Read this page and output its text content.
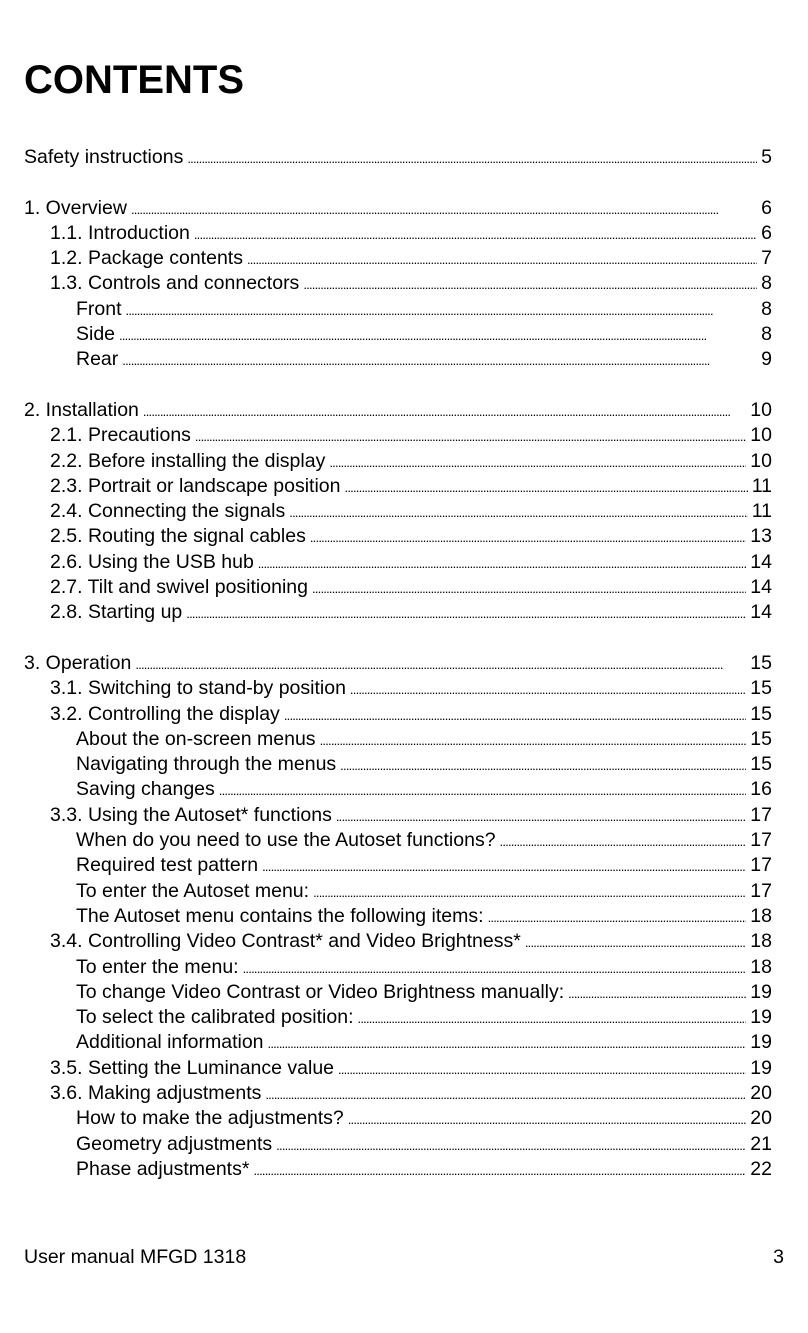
CONTENTS
Safety instructions . . .	5
1. Overview . . .	6
1.1. Introduction . . .	6
1.2. Package contents . . .	7
1.3. Controls and connectors . . .	8
Front . . .	8
Side . . .	8
Rear . . .	9
2. Installation . . .	10
2.1. Precautions . . .	10
2.2. Before installing the display . . .	10
2.3. Portrait or landscape position . . .	11
2.4. Connecting the signals . . .	11
2.5. Routing the signal cables . . .	13
2.6. Using the USB hub . . .	14
2.7. Tilt and swivel positioning . . .	14
2.8. Starting up . . .	14
3. Operation . . .	15
3.1. Switching to stand-by position . . .	15
3.2. Controlling the display . . .	15
About the on-screen menus . . .	15
Navigating through the menus . . .	15
Saving changes . . .	16
3.3. Using the Autoset* functions . . .	17
When do you need to use the Autoset functions? . . .	17
Required test pattern . . .	17
To enter the Autoset menu: . . .	17
The Autoset menu contains the following items: . . .	18
3.4. Controlling Video Contrast* and Video Brightness* . . .	18
To enter the menu: . . .	18
To change Video Contrast or Video Brightness manually: . . .	19
To select the calibrated position: . . .	19
Additional information . . .	19
3.5. Setting the Luminance value . . .	19
3.6. Making adjustments . . .	20
How to make the adjustments? . . .	20
Geometry adjustments . . .	21
Phase adjustments* . . .	22
User manual MFGD 1318	3
